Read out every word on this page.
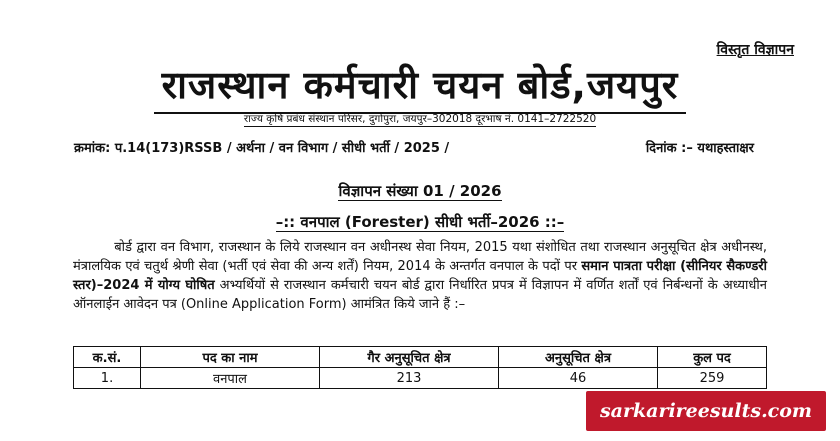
विस्तृत विज्ञापन
राजस्थान कर्मचारी चयन बोर्ड,जयपुर
राज्य कृषि प्रबंध संस्थान परिसर, दुर्गापुरा, जयपुर–302018 दूरभाष नं. 0141–2722520
क्रमांक: प.14(173)RSSB / अर्थना / वन विभाग / सीधी भर्ती / 2025 /	दिनांक :– यथाहस्ताक्षर
विज्ञापन संख्या 01 / 2026
–:: वनपाल (Forester) सीधी भर्ती–2026 ::–
बोर्ड द्वारा वन विभाग, राजस्थान के लिये राजस्थान वन अधीनस्थ सेवा नियम, 2015 यथा संशोधित तथा राजस्थान अनुसूचित क्षेत्र अधीनस्थ, मंत्रालयिक एवं चतुर्थ श्रेणी सेवा (भर्ती एवं सेवा की अन्य शर्तें) नियम, 2014 के अन्तर्गत वनपाल के पदों पर समान पात्रता परीक्षा (सीनियर सैकण्डरी स्तर)–2024 में योग्य घोषित अभ्यर्थियों से राजस्थान कर्मचारी चयन बोर्ड द्वारा निर्धारित प्रपत्र में विज्ञापन में वर्णित शर्तों एवं निर्बन्धनों के अध्याधीन ऑनलाईन आवेदन पत्र (Online Application Form) आमंत्रित किये जाने हैं :–
क.सं.	पद का नाम	गैर अनुसूचित क्षेत्र	अनुसूचित क्षेत्र	कुल पद
1.	वनपाल	213	46	259
sarkarireesults.com
